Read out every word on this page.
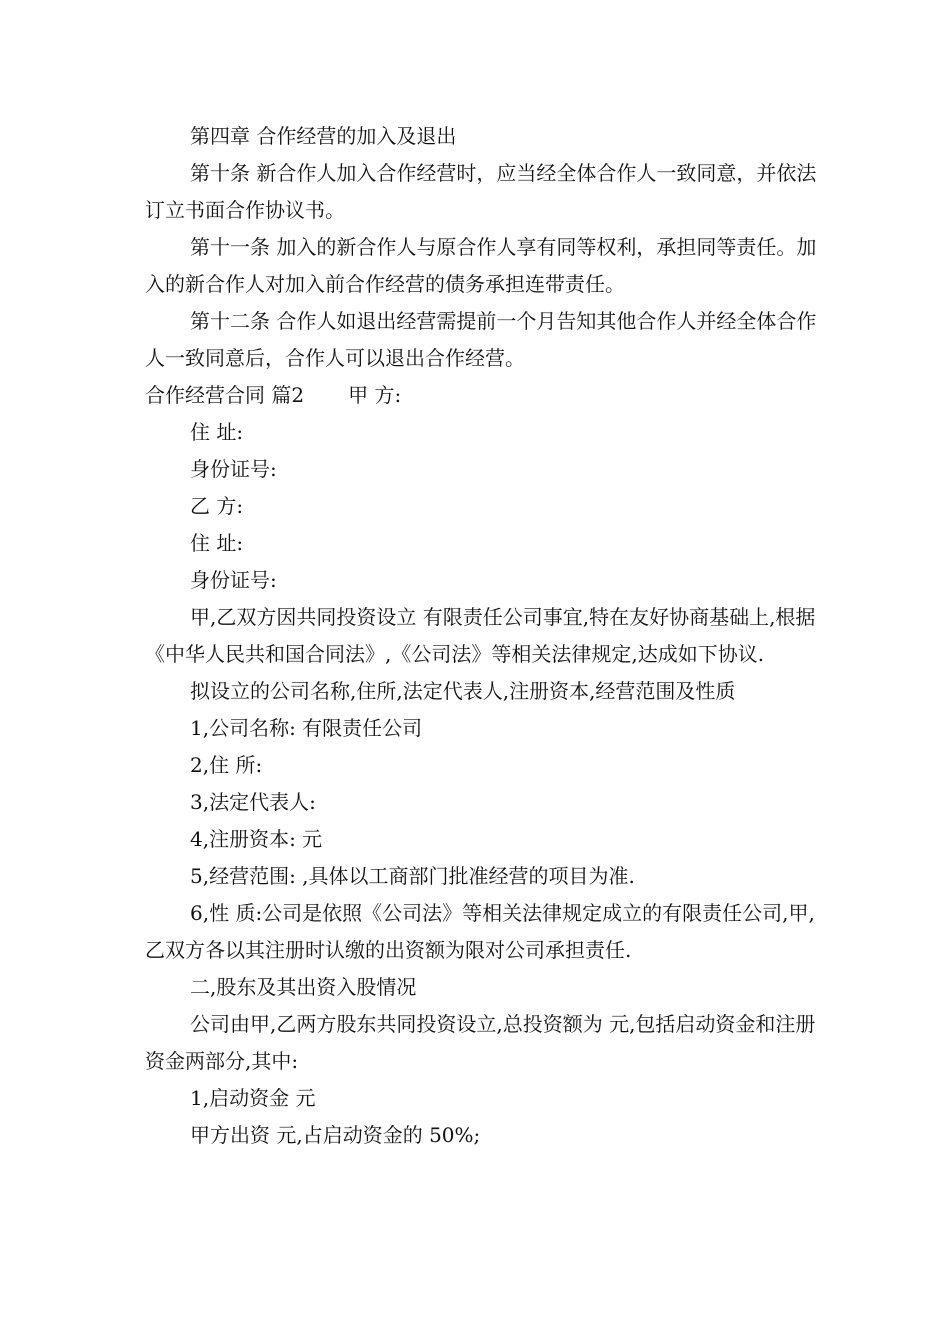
第四章 合作经营的加入及退出

第十条 新合作人加入合作经营时，应当经全体合作人一致同意，并依法订立书面合作协议书。

第十一条 加入的新合作人与原合作人享有同等权利，承担同等责任。加入的新合作人对加入前合作经营的债务承担连带责任。

第十二条 合作人如退出经营需提前一个月告知其他合作人并经全体合作人一致同意后，合作人可以退出合作经营。

合作经营合同 篇2 甲 方:

住 址:

身份证号:

乙 方:

住 址:

身份证号:

甲,乙双方因共同投资设立 有限责任公司事宜,特在友好协商基础上,根据《中华人民共和国合同法》,《公司法》等相关法律规定,达成如下协议.

拟设立的公司名称,住所,法定代表人,注册资本,经营范围及性质

1,公司名称: 有限责任公司

2,住 所:

3,法定代表人:

4,注册资本: 元

5,经营范围: ,具体以工商部门批准经营的项目为准.

6,性 质:公司是依照《公司法》等相关法律规定成立的有限责任公司,甲,乙双方各以其注册时认缴的出资额为限对公司承担责任.

二,股东及其出资入股情况

公司由甲,乙两方股东共同投资设立,总投资额为 元,包括启动资金和注册资金两部分,其中:

1,启动资金 元

甲方出资 元,占启动资金的 50%;
